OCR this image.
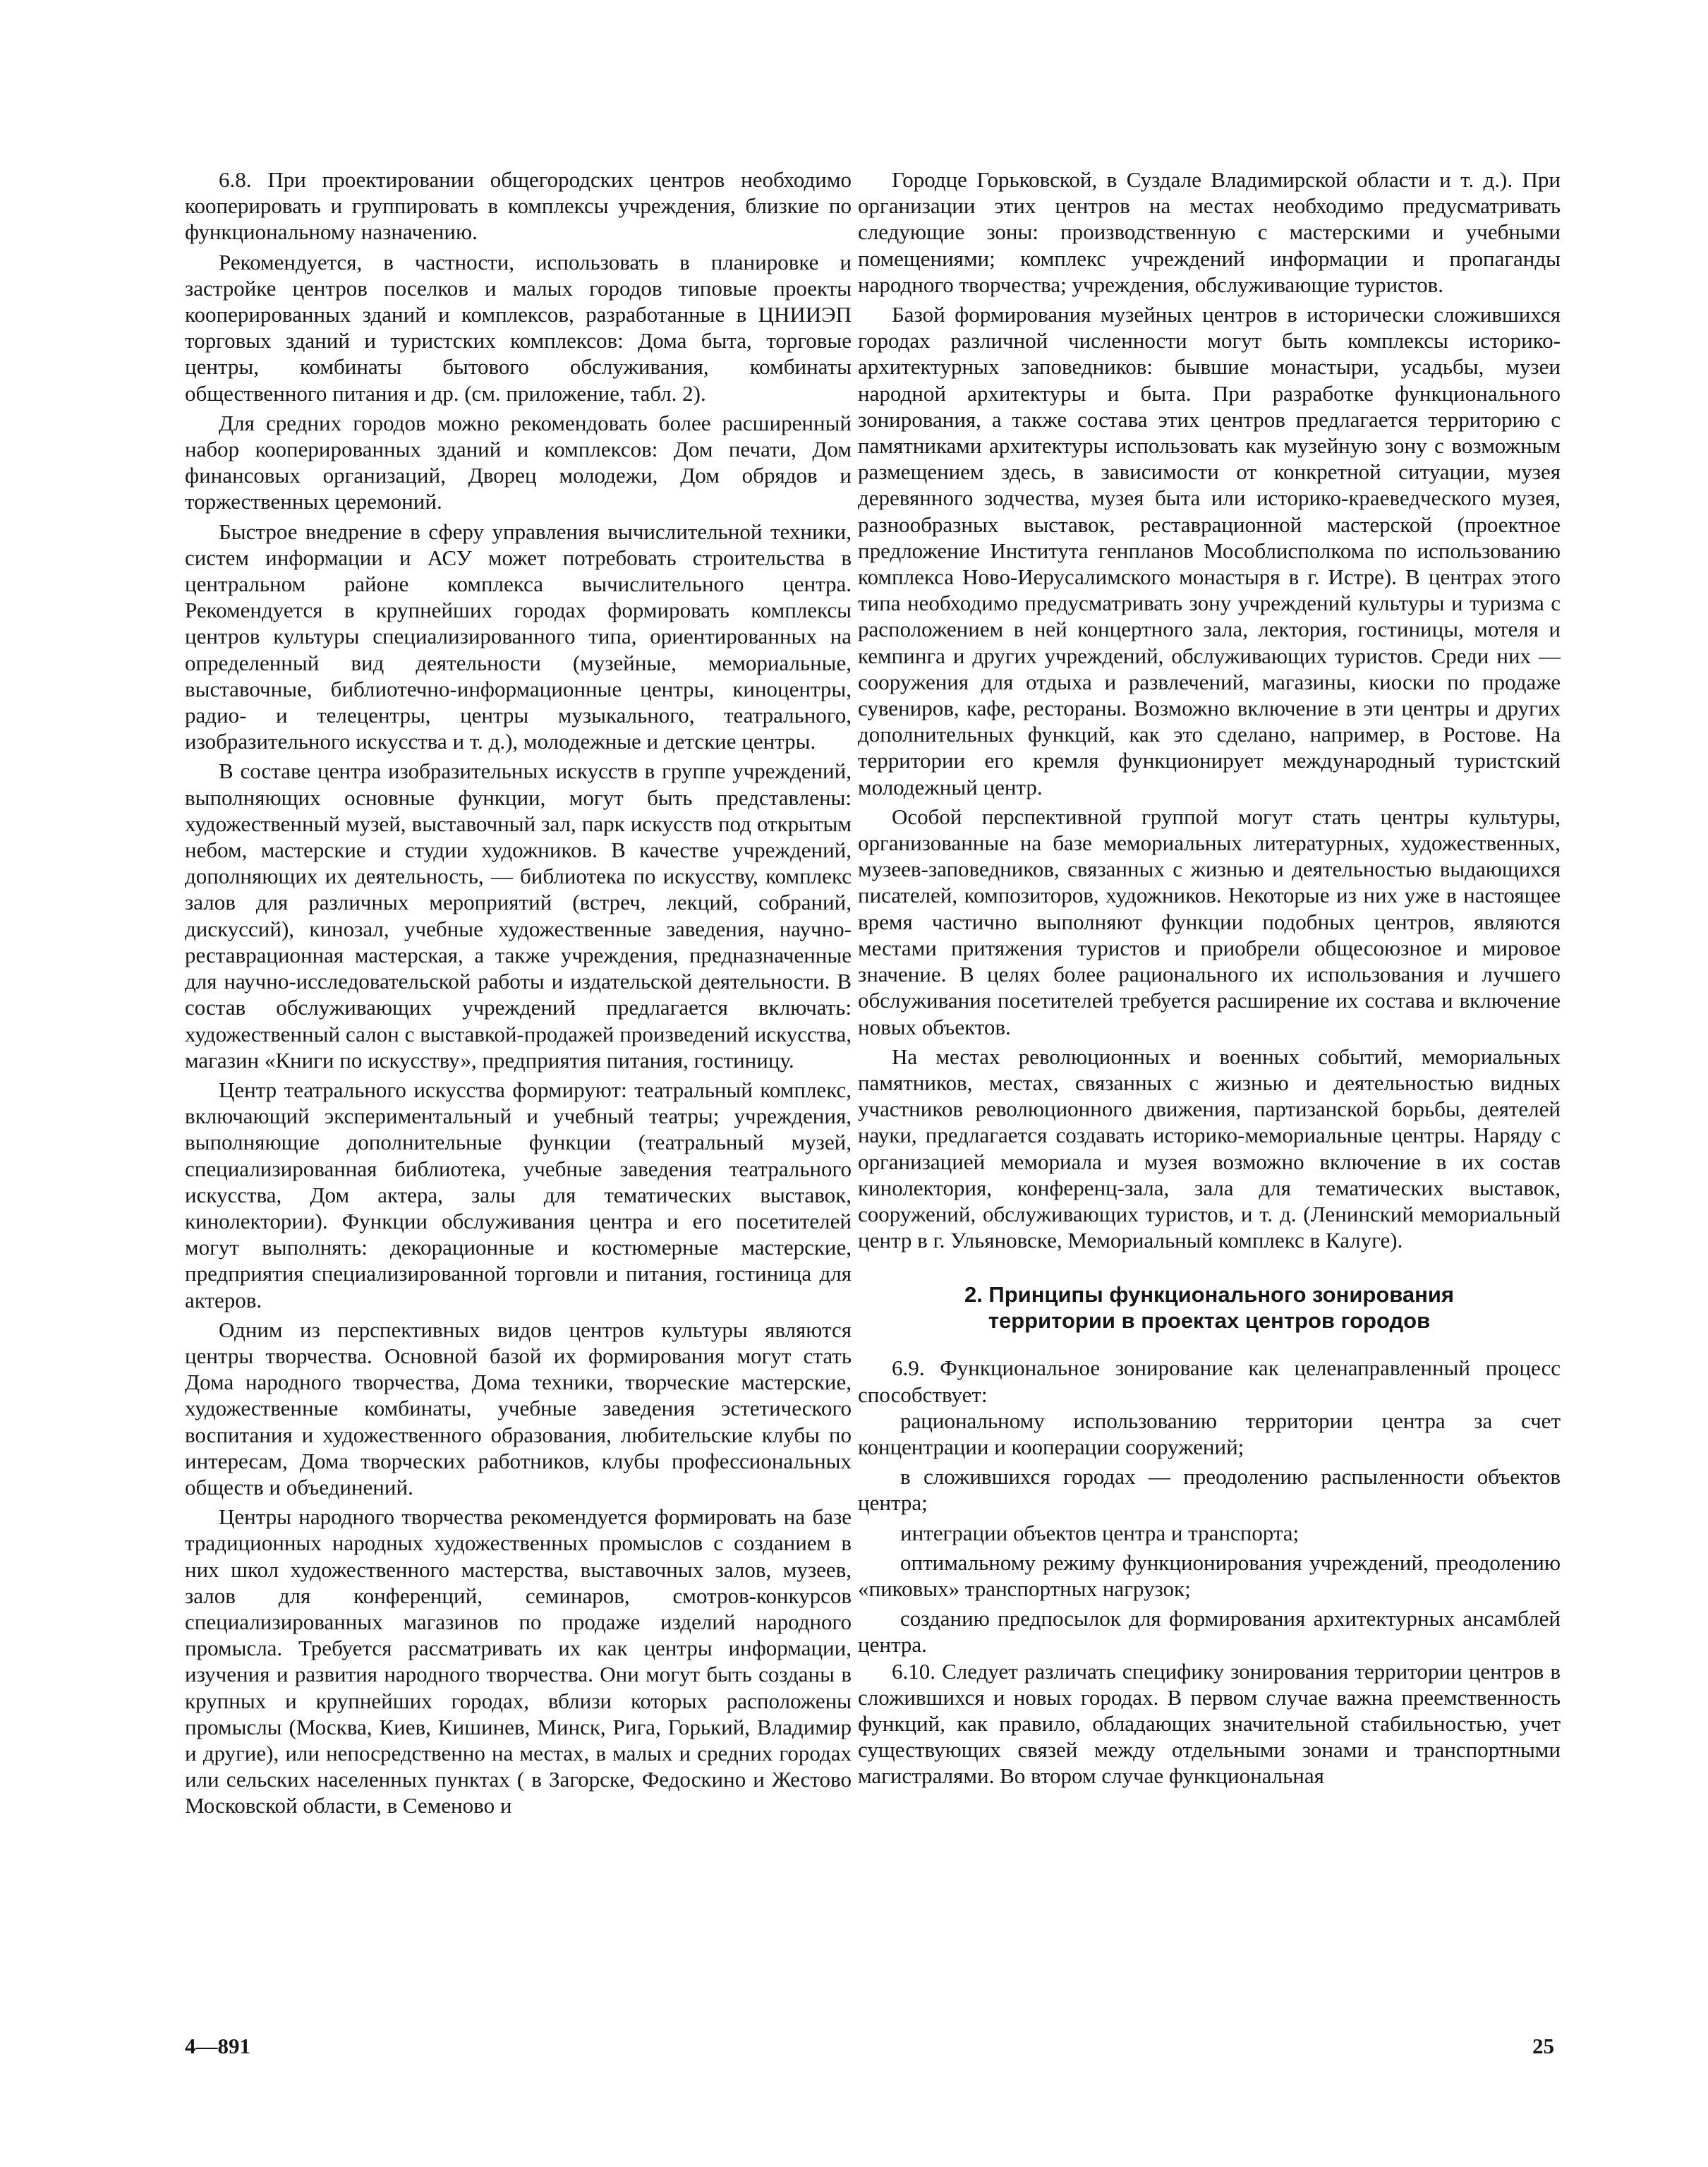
6.8. При проектировании общегородских центров необходимо кооперировать и группировать в комплексы учреждения, близкие по функциональному назначению.

Рекомендуется, в частности, использовать в планировке и застройке центров поселков и малых городов типовые проекты кооперированных зданий и комплексов, разработанные в ЦНИИЭП торговых зданий и туристских комплексов: Дома быта, торговые центры, комбинаты бытового обслуживания, комбинаты общественного питания и др. (см. приложение, табл. 2).

Для средних городов можно рекомендовать более расширенный набор кооперированных зданий и комплексов: Дом печати, Дом финансовых организаций, Дворец молодежи, Дом обрядов и торжественных церемоний.

Быстрое внедрение в сферу управления вычислительной техники, систем информации и АСУ может потребовать строительства в центральном районе комплекса вычислительного центра. Рекомендуется в крупнейших городах формировать комплексы центров культуры специализированного типа, ориентированных на определенный вид деятельности (музейные, мемориальные, выставочные, библиотечно-информационные центры, киноцентры, радио- и телецентры, центры музыкального, театрального, изобразительного искусства и т. д.), молодежные и детские центры.

В составе центра изобразительных искусств в группе учреждений, выполняющих основные функции, могут быть представлены: художественный музей, выставочный зал, парк искусств под открытым небом, мастерские и студии художников. В качестве учреждений, дополняющих их деятельность, — библиотека по искусству, комплекс залов для различных мероприятий (встреч, лекций, собраний, дискуссий), кинозал, учебные художественные заведения, научно-реставрационная мастерская, а также учреждения, предназначенные для научно-исследовательской работы и издательской деятельности. В состав обслуживающих учреждений предлагается включать: художественный салон с выставкой-продажей произведений искусства, магазин «Книги по искусству», предприятия питания, гостиницу.

Центр театрального искусства формируют: театральный комплекс, включающий экспериментальный и учебный театры; учреждения, выполняющие дополнительные функции (театральный музей, специализированная библиотека, учебные заведения театрального искусства, Дом актера, залы для тематических выставок, кинолектории). Функции обслуживания центра и его посетителей могут выполнять: декорационные и костюмерные мастерские, предприятия специализированной торговли и питания, гостиница для актеров.

Одним из перспективных видов центров культуры являются центры творчества. Основной базой их формирования могут стать Дома народного творчества, Дома техники, творческие мастерские, художественные комбинаты, учебные заведения эстетического воспитания и художественного образования, любительские клубы по интересам, Дома творческих работников, клубы профессиональных обществ и объединений.

Центры народного творчества рекомендуется формировать на базе традиционных народных художественных промыслов с созданием в них школ художественного мастерства, выставочных залов, музеев, залов для конференций, семинаров, смотров-конкурсов специализированных магазинов по продаже изделий народного промысла. Требуется рассматривать их как центры информации, изучения и развития народного творчества. Они могут быть созданы в крупных и крупнейших городах, вблизи которых расположены промыслы (Москва, Киев, Кишинев, Минск, Рига, Горький, Владимир и другие), или непосредственно на местах, в малых и средних городах или сельских населенных пунктах ( в Загорске, Федоскино и Жестово Московской области, в Семеново и

Городце Горьковской, в Суздале Владимирской области и т. д.). При организации этих центров на местах необходимо предусматривать следующие зоны: производственную с мастерскими и учебными помещениями; комплекс учреждений информации и пропаганды народного творчества; учреждения, обслуживающие туристов.

Базой формирования музейных центров в исторически сложившихся городах различной численности могут быть комплексы историко-архитектурных заповедников: бывшие монастыри, усадьбы, музеи народной архитектуры и быта. При разработке функционального зонирования, а также состава этих центров предлагается территорию с памятниками архитектуры использовать как музейную зону с возможным размещением здесь, в зависимости от конкретной ситуации, музея деревянного зодчества, музея быта или историко-краеведческого музея, разнообразных выставок, реставрационной мастерской (проектное предложение Института генпланов Мособлисполкома по использованию комплекса Ново-Иерусалимского монастыря в г. Истре). В центрах этого типа необходимо предусматривать зону учреждений культуры и туризма с расположением в ней концертного зала, лектория, гостиницы, мотеля и кемпинга и других учреждений, обслуживающих туристов. Среди них — сооружения для отдыха и развлечений, магазины, киоски по продаже сувениров, кафе, рестораны. Возможно включение в эти центры и других дополнительных функций, как это сделано, например, в Ростове. На территории его кремля функционирует международный туристский молодежный центр.

Особой перспективной группой могут стать центры культуры, организованные на базе мемориальных литературных, художественных, музеев-заповедников, связанных с жизнью и деятельностью выдающихся писателей, композиторов, художников. Некоторые из них уже в настоящее время частично выполняют функции подобных центров, являются местами притяжения туристов и приобрели общесоюзное и мировое значение. В целях более рационального их использования и лучшего обслуживания посетителей требуется расширение их состава и включение новых объектов.

На местах революционных и военных событий, мемориальных памятников, местах, связанных с жизнью и деятельностью видных участников революционного движения, партизанской борьбы, деятелей науки, предлагается создавать историко-мемориальные центры. Наряду с организацией мемориала и музея возможно включение в их состав кинолектория, конференц-зала, зала для тематических выставок, сооружений, обслуживающих туристов, и т. д. (Ленинский мемориальный центр в г. Ульяновске, Мемориальный комплекс в Калуге).

2. Принципы функционального зонирования
территории в проектах центров городов

6.9. Функциональное зонирование как целенаправленный процесс способствует:

рациональному использованию территории центра за счет концентрации и кооперации сооружений;

в сложившихся городах — преодолению распыленности объектов центра;

интеграции объектов центра и транспорта;

оптимальному режиму функционирования учреждений, преодолению «пиковых» транспортных нагрузок;

созданию предпосылок для формирования архитектурных ансамблей центра.

6.10. Следует различать специфику зонирования территории центров в сложившихся и новых городах. В первом случае важна преемственность функций, как правило, обладающих значительной стабильностью, учет существующих связей между отдельными зонами и транспортными магистралями. Во втором случае функциональная

4—891	25
